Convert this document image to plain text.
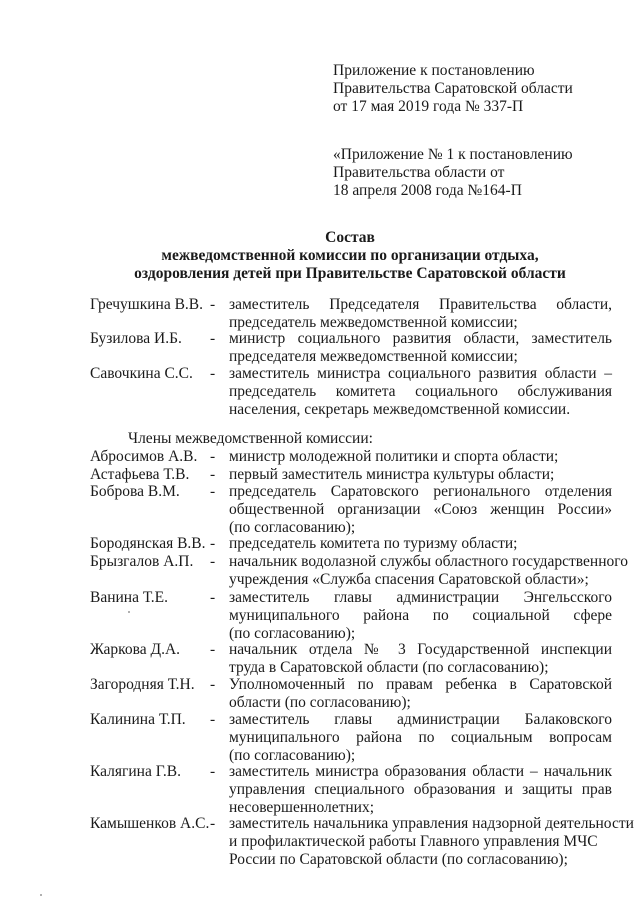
Приложение к постановлению
Правительства Саратовской области
от 17 мая 2019 года № 337-П
«Приложение № 1 к постановлению
Правительства области от
18 апреля 2008 года №164-П
Состав
межведомственной комиссии по организации отдыха,
оздоровления детей при Правительстве Саратовской области
Гречушкина В.В. - заместитель Председателя Правительства области,
председатель межведомственной комиссии;
Бузилова И.Б. - министр социального развития области, заместитель
председателя межведомственной комиссии;
Савочкина С.С. - заместитель министра социального развития области –
председатель комитета социального обслуживания
населения, секретарь межведомственной комиссии.
Члены межведомственной комиссии:
Абросимов А.В. - министр молодежной политики и спорта области;
Астафьева Т.В. - первый заместитель министра культуры области;
Боброва В.М. - председатель Саратовского регионального отделения
общественной организации «Союз женщин России»
(по согласованию);
Бородянская В.В. - председатель комитета по туризму области;
Брызгалов А.П. - начальник водолазной службы областного государственного
учреждения «Служба спасения Саратовской области»;
Ванина Т.Е.	- заместитель главы администрации Энгельсского
муниципального района по социальной сфере
(по согласованию);
Жаркова Д.А. - начальник отдела № 3 Государственной инспекции
труда в Саратовской области (по согласованию);
Загородняя Т.Н. - Уполномоченный по правам ребенка в Саратовской
области (по согласованию);
Калинина Т.П. - заместитель главы администрации Балаковского
муниципального района по социальным вопросам
(по согласованию);
Калягина Г.В. - заместитель министра образования области – начальник
управления специального образования и защиты прав
несовершеннолетних;
Камышенков А.С. - заместитель начальника управления надзорной деятельности
и профилактической работы Главного управления МЧС
России по Саратовской области (по согласованию);
